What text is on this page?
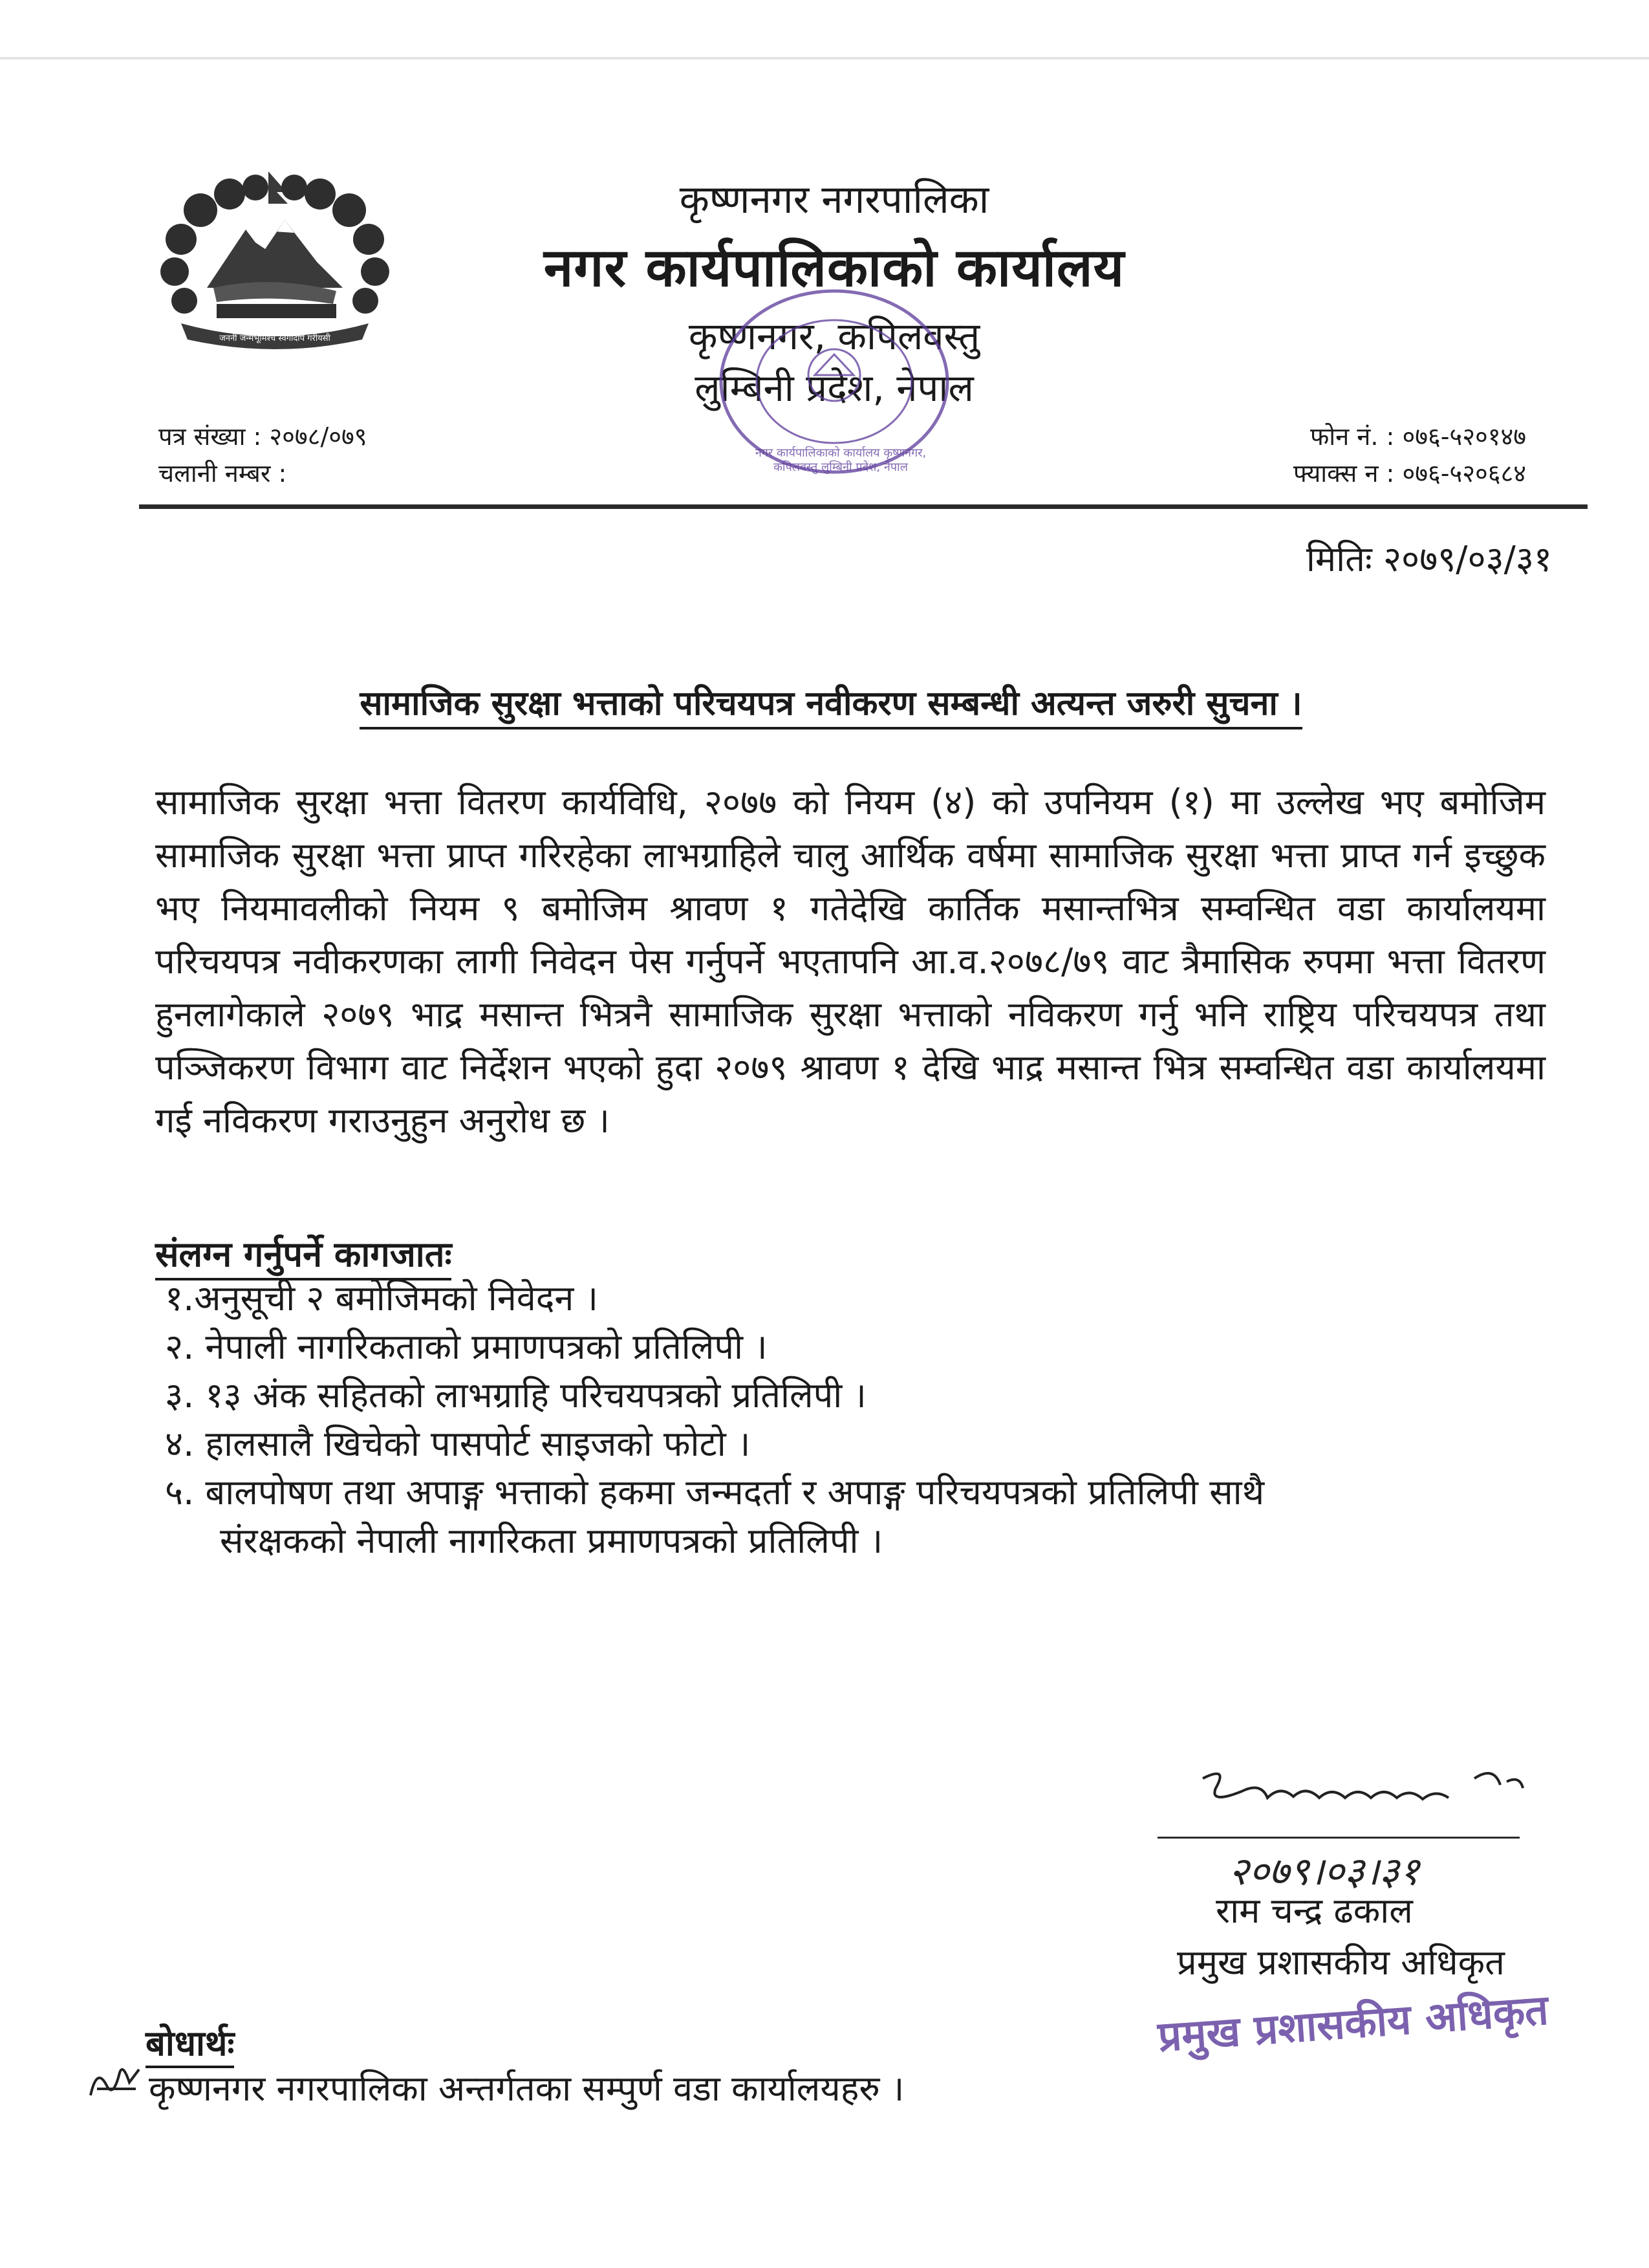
जननी जन्मभूमिश्च स्वर्गादपि गरीयसी
कृष्णनगर नगरपालिका
नगर कार्यपालिकाको कार्यालय
कृष्णनगर, कपिलवस्तु
लुम्बिनी प्रदेश, नेपाल
नगर कार्यपालिकाको कार्यालय कृष्णनगर, कपिलवस्तु लुम्बिनी प्रदेश, नेपाल
पत्र संख्या : २०७८/०७९
चलानी नम्बर :
फोन नं. : ०७६-५२०१४७
फ्याक्स न : ०७६-५२०६८४
मितिः २०७९/०३/३१
सामाजिक सुरक्षा भत्ताको परिचयपत्र नवीकरण सम्बन्धी अत्यन्त जरुरी सुचना ।

सामाजिक सुरक्षा भत्ता वितरण कार्यविधि, २०७७ को नियम (४) को उपनियम (१) मा उल्लेख भए बमोजिम सामाजिक सुरक्षा भत्ता प्राप्त गरिरहेका लाभग्राहिले चालु आर्थिक वर्षमा सामाजिक सुरक्षा भत्ता प्राप्त गर्न इच्छुक भए नियमावलीको नियम ९ बमोजिम श्रावण १ गतेदेखि कार्तिक मसान्तभित्र सम्वन्धित वडा कार्यालयमा परिचयपत्र नवीकरणका लागी निवेदन पेस गर्नुपर्ने भएतापनि आ.व.२०७८/७९ वाट त्रैमासिक रुपमा भत्ता वितरण हुनलागेकाले २०७९ भाद्र मसान्त भित्रनै सामाजिक सुरक्षा भत्ताको नविकरण गर्नु भनि राष्ट्रिय परिचयपत्र तथा पञ्जिकरण विभाग वाट निर्देशन भएको हुदा २०७९ श्रावण १ देखि भाद्र मसान्त भित्र सम्वन्धित वडा कार्यालयमा गई नविकरण गराउनुहुन अनुरोध छ ।

संलग्न गर्नुपर्ने कागजातः
१.अनुसूची २ बमोजिमको निवेदन ।
२. नेपाली नागरिकताको प्रमाणपत्रको प्रतिलिपी ।
३. १३ अंक सहितको लाभग्राहि परिचयपत्रको प्रतिलिपी ।
४. हालसालै खिचेको पासपोर्ट साइजको फोटो ।
५. बालपोषण तथा अपाङ्ग भत्ताको हकमा जन्मदर्ता र अपाङ्ग परिचयपत्रको प्रतिलिपी साथै
संरक्षकको नेपाली नागरिकता प्रमाणपत्रको प्रतिलिपी ।
२०७९।०३।३१
राम चन्द्र ढकाल
प्रमुख प्रशासकीय अधिकृत
प्रमुख प्रशासकीय अधिकृत
बोधार्थः
कृष्णनगर नगरपालिका अन्तर्गतका सम्पुर्ण वडा कार्यालयहरु ।
